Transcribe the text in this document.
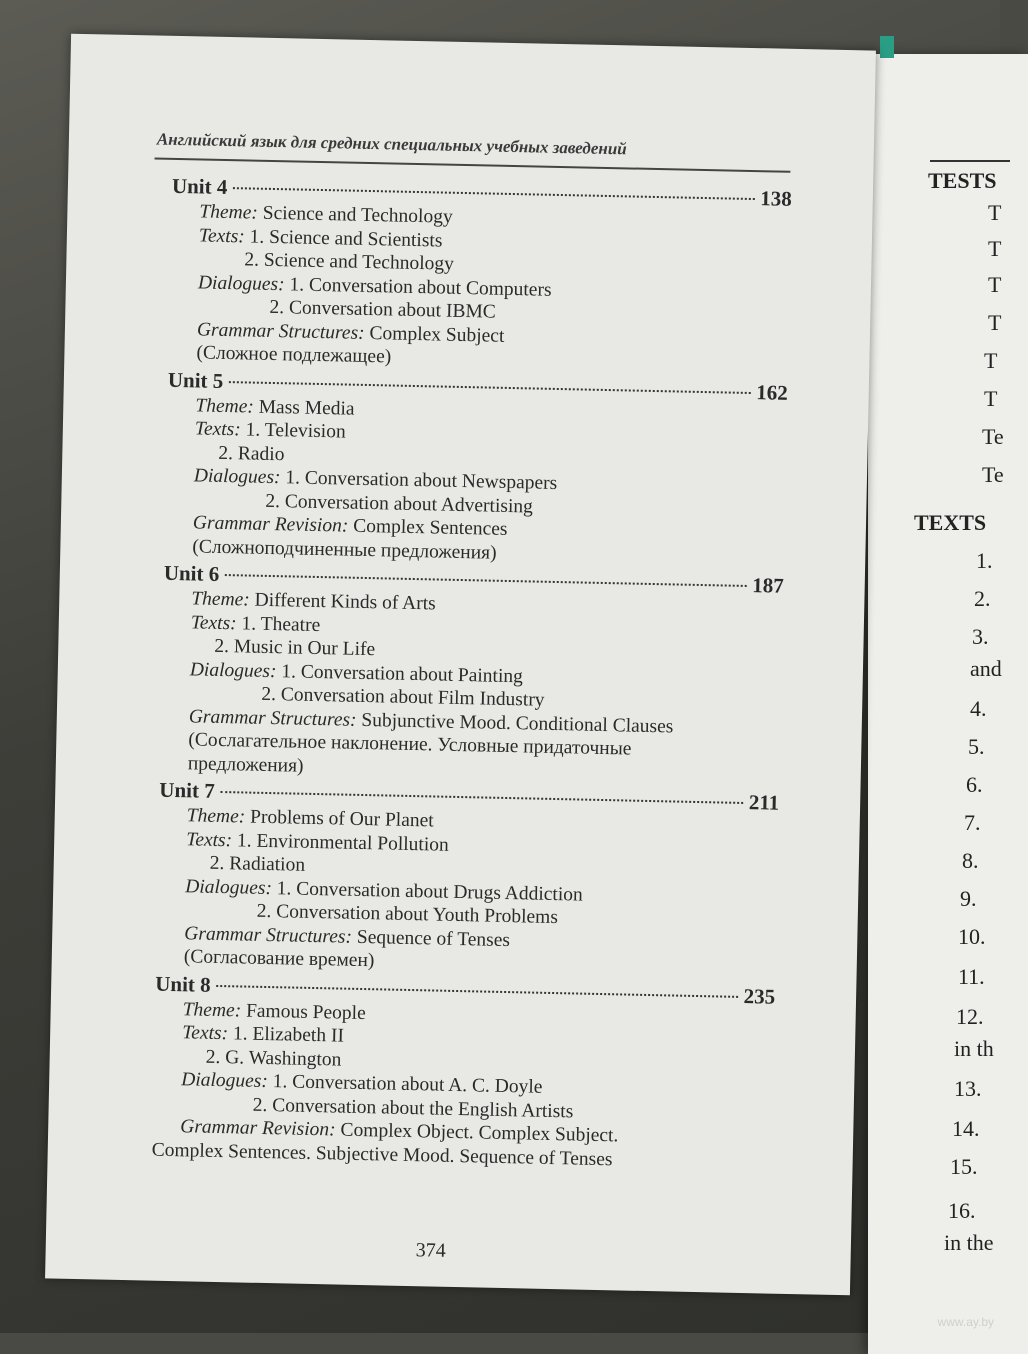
TESTS
TEXTS
T
T
T
T
T
T
Te
Te
1.
2.
3.
and
4.
5.
6.
7.
8.
9.
10.
11.
12.
in th
13.
14.
15.
16.
in the
Английский язык для средних специальных учебных заведений
Unit 4	138
Theme: Science and Technology
Texts: 1. Science and Scientists
2. Science and Technology
Dialogues: 1. Conversation about Computers
2. Conversation about IBMC
Grammar Structures: Complex Subject
(Сложное подлежащее)
Unit 5	162
Theme: Mass Media
Texts: 1. Television
2. Radio
Dialogues: 1. Conversation about Newspapers
2. Conversation about Advertising
Grammar Revision: Complex Sentences
(Сложноподчиненные предложения)
Unit 6	187
Theme: Different Kinds of Arts
Texts: 1. Theatre
2. Music in Our Life
Dialogues: 1. Conversation about Painting
2. Conversation about Film Industry
Grammar Structures: Subjunctive Mood. Conditional Clauses
(Сослагательное наклонение. Условные придаточные
предложения)
Unit 7	211
Theme: Problems of Our Planet
Texts: 1. Environmental Pollution
2. Radiation
Dialogues: 1. Conversation about Drugs Addiction
2. Conversation about Youth Problems
Grammar Structures: Sequence of Tenses
(Согласование времен)
Unit 8	235
Theme: Famous People
Texts: 1. Elizabeth II
2. G. Washington
Dialogues: 1. Conversation about A. C. Doyle
2. Conversation about the English Artists
Grammar Revision: Complex Object. Complex Subject.
Complex Sentences. Subjective Mood. Sequence of Tenses
374
www.ay.by
